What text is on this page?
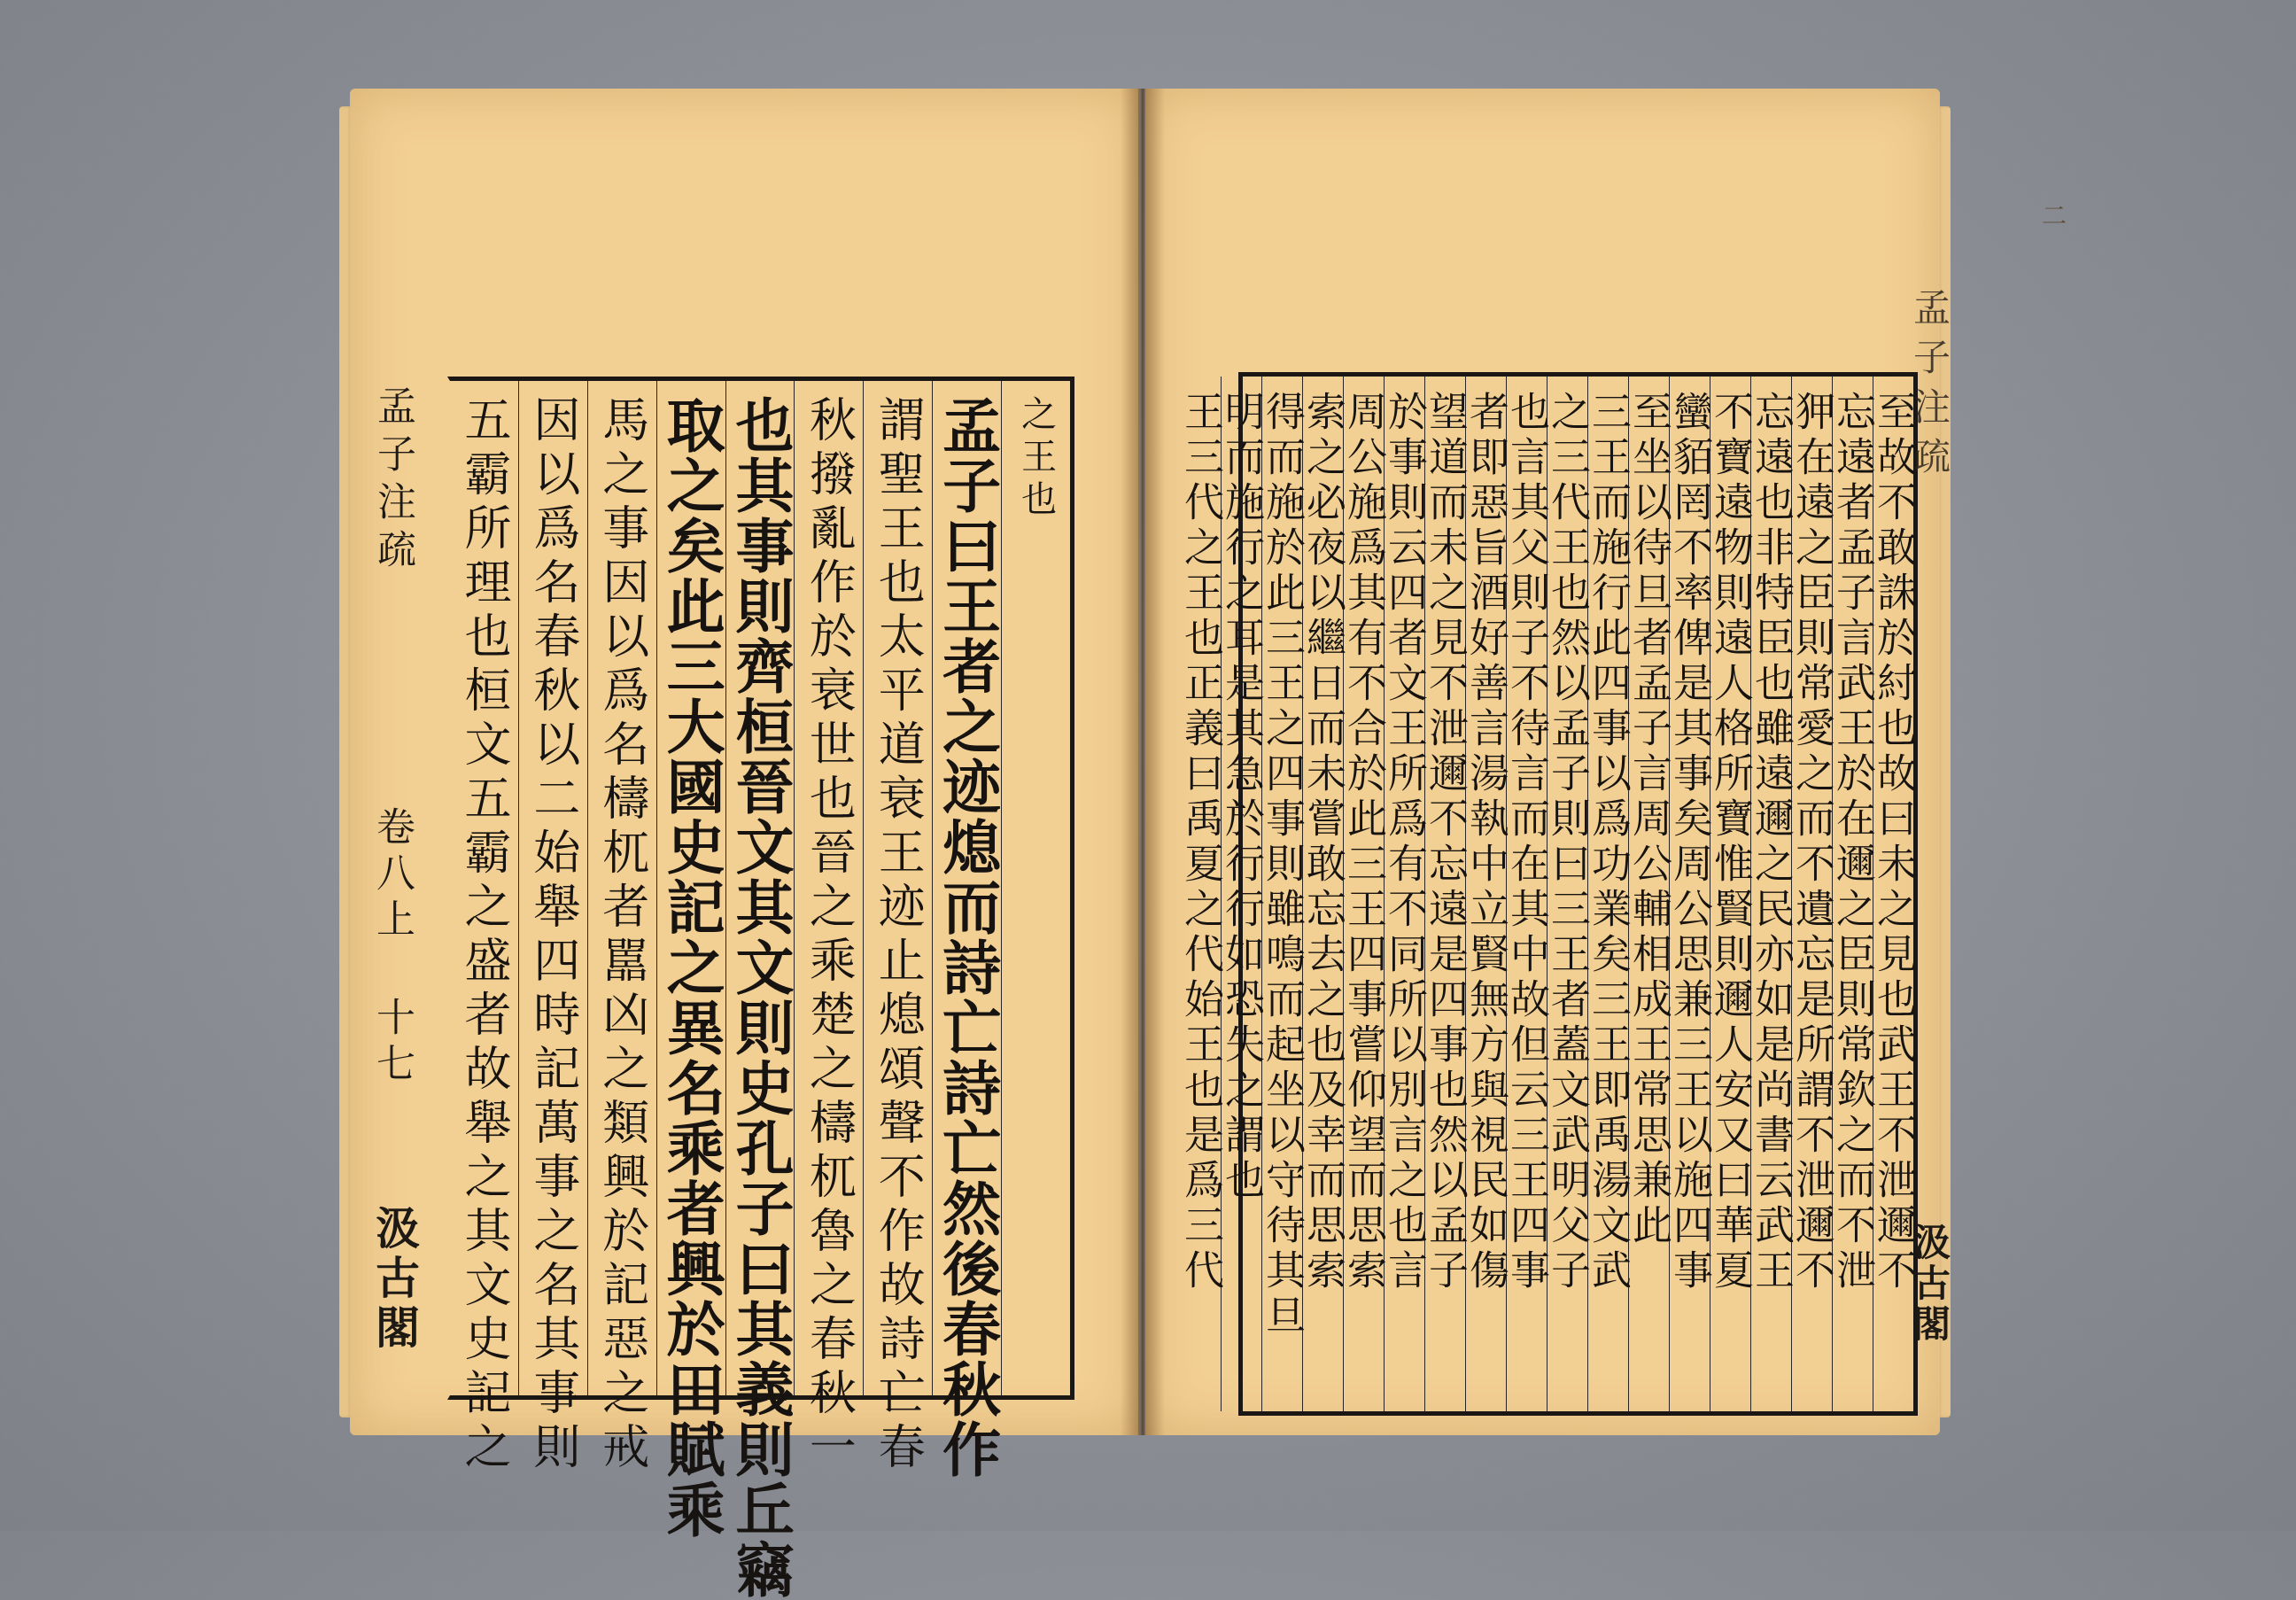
孟子注疏
卷八上 十七
汲古閣
之王也
孟子曰王者之迹熄而詩亡詩亡然後春秋作
謂聖王也太平道衰王迹止熄頌聲不作故詩亡春
秋撥亂作於衰世也晉之乘楚之檮杌魯之春秋一
也其事則齊桓晉文其文則史孔子曰其義則丘竊
取之矣此三大國史記之異名乘者興於田賦乘
馬之事因以爲名檮杌者嚚凶之類興於記惡之戒
因以爲名春秋以二始舉四時記萬事之名其事則
五霸所理也桓文五霸之盛者故舉之其文史記之
二
至故不敢誅於紂也故曰未之見也武王不泄邇不
忘遠者孟子言武王於在邇之臣則常欽之而不泄
狎在遠之臣則常愛之而不遺忘是所謂不泄邇不
忘遠也非特臣也雖遠邇之民亦如是尚書云武王
不寶遠物則遠人格所寶惟賢則邇人安又曰華夏
蠻貊罔不率俾是其事矣周公思兼三王以施四事
至坐以待旦者孟子言周公輔相成王常思兼此
三王而施行此四事以爲功業矣三王即禹湯文武
之三代王也然以孟子則曰三王者蓋文武明父子
也言其父則子不待言而在其中故但云三王四事
者即惡旨酒好善言湯執中立賢無方與視民如傷
望道而未之見不泄邇不忘遠是四事也然以孟子
於事則云四者文王所爲有不同所以別言之也言
周公施爲其有不合於此三王四事嘗仰望而思索
索之必夜以繼日而未嘗敢忘去之也及幸而思索
得而施於此三王之四事則雖鳴而起坐以守待其旦
明而施行之耳是其急於行行如恐失之謂也
王三代之王也正義曰禹夏之代始王也是爲三代
孟子注疏
汲古閣
